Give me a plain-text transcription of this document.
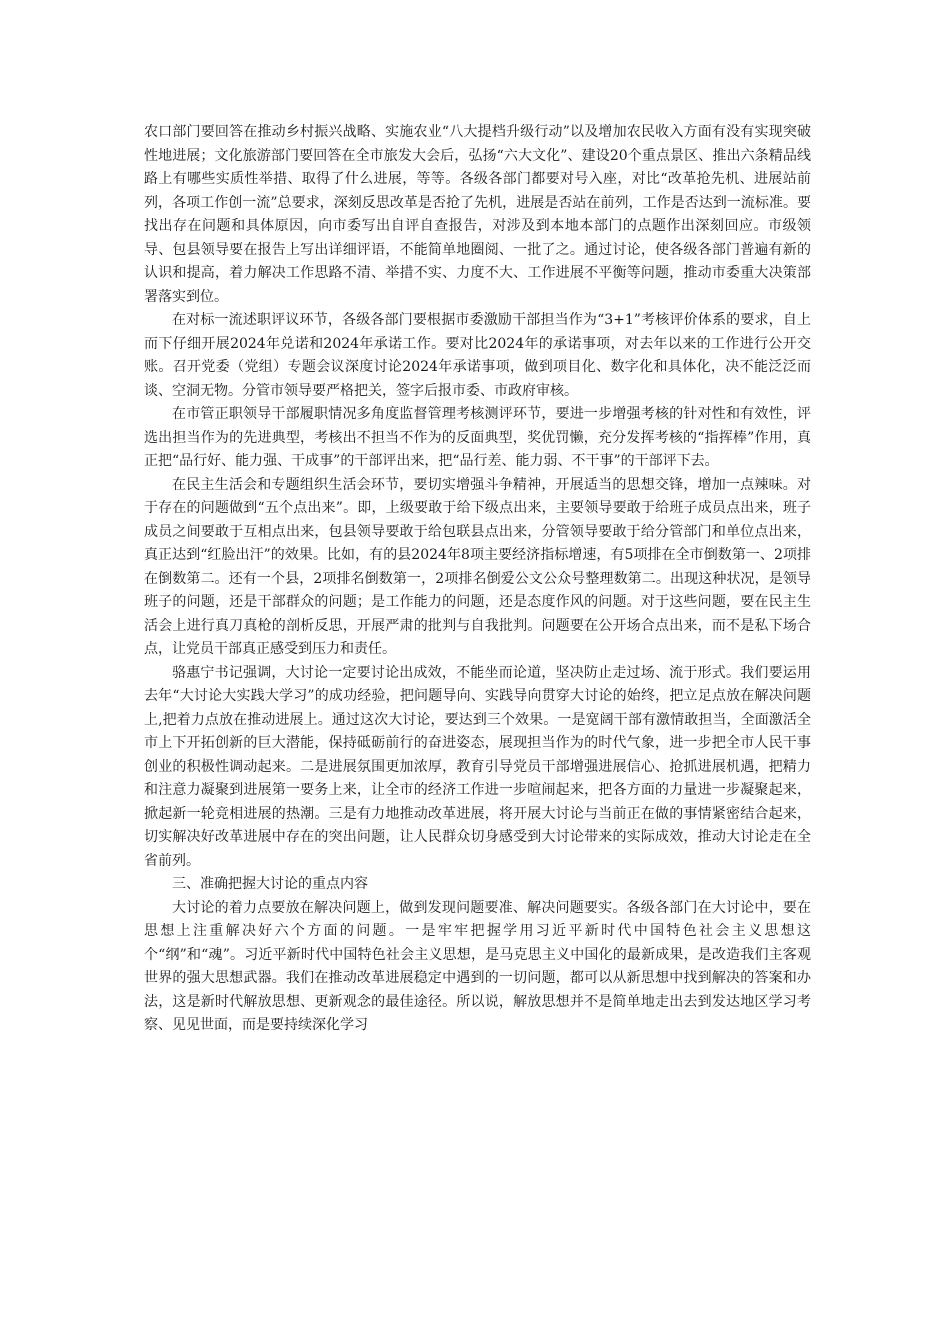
农口部门要回答在推动乡村振兴战略、实施农业“八大提档升级行动”以及增加农民收入方面有没有实现突破性地进展；文化旅游部门要回答在全市旅发大会后，弘扬“六大文化”、建设20个重点景区、推出六条精品线路上有哪些实质性举措、取得了什么进展，等等。各级各部门都要对号入座，对比“改革抢先机、进展站前列，各项工作创一流”总要求，深刻反思改革是否抢了先机，进展是否站在前列，工作是否达到一流标准。要找出存在问题和具体原因，向市委写出自评自查报告，对涉及到本地本部门的点题作出深刻回应。市级领导、包县领导要在报告上写出详细评语，不能简单地圈阅、一批了之。通过讨论，使各级各部门普遍有新的认识和提高，着力解决工作思路不清、举措不实、力度不大、工作进展不平衡等问题，推动市委重大决策部署落实到位。

在对标一流述职评议环节，各级各部门要根据市委激励干部担当作为“3+1”考核评价体系的要求，自上而下仔细开展2024年兑诺和2024年承诺工作。要对比2024年的承诺事项，对去年以来的工作进行公开交账。召开党委（党组）专题会议深度讨论2024年承诺事项，做到项目化、数字化和具体化，决不能泛泛而谈、空洞无物。分管市领导要严格把关，签字后报市委、市政府审核。

在市管正职领导干部履职情况多角度监督管理考核测评环节，要进一步增强考核的针对性和有效性，评选出担当作为的先进典型，考核出不担当不作为的反面典型，奖优罚懒，充分发挥考核的“指挥棒”作用，真正把“品行好、能力强、干成事”的干部评出来，把“品行差、能力弱、不干事”的干部评下去。

在民主生活会和专题组织生活会环节，要切实增强斗争精神，开展适当的思想交锋，增加一点辣味。对于存在的问题做到“五个点出来”。即，上级要敢于给下级点出来，主要领导要敢于给班子成员点出来，班子成员之间要敢于互相点出来，包县领导要敢于给包联县点出来，分管领导要敢于给分管部门和单位点出来，真正达到“红脸出汗”的效果。比如，有的县2024年8项主要经济指标增速，有5项排在全市倒数第一、2项排在倒数第二。还有一个县，2项排名倒数第一，2项排名倒爱公文公众号整理数第二。出现这种状况，是领导班子的问题，还是干部群众的问题；是工作能力的问题，还是态度作风的问题。对于这些问题，要在民主生活会上进行真刀真枪的剖析反思，开展严肃的批判与自我批判。问题要在公开场合点出来，而不是私下场合点，让党员干部真正感受到压力和责任。

骆惠宁书记强调，大讨论一定要讨论出成效，不能坐而论道，坚决防止走过场、流于形式。我们要运用去年“大讨论大实践大学习”的成功经验，把问题导向、实践导向贯穿大讨论的始终，把立足点放在解决问题上,把着力点放在推动进展上。通过这次大讨论，要达到三个效果。一是宽阔干部有激情敢担当，全面激活全市上下开拓创新的巨大潜能，保持砥砺前行的奋进姿态，展现担当作为的时代气象，进一步把全市人民干事创业的积极性调动起来。二是进展氛围更加浓厚，教育引导党员干部增强进展信心、抢抓进展机遇，把精力和注意力凝聚到进展第一要务上来，让全市的经济工作进一步喧闹起来，把各方面的力量进一步凝聚起来，掀起新一轮竞相进展的热潮。三是有力地推动改革进展，将开展大讨论与当前正在做的事情紧密结合起来，切实解决好改革进展中存在的突出问题，让人民群众切身感受到大讨论带来的实际成效，推动大讨论走在全省前列。

三、准确把握大讨论的重点内容

大讨论的着力点要放在解决问题上，做到发现问题要准、解决问题要实。各级各部门在大讨论中，要在思想上注重解决好六个方面的问题。一是牢牢把握学用习近平新时代中国特色社会主义思想这个“纲”和“魂”。习近平新时代中国特色社会主义思想，是马克思主义中国化的最新成果，是改造我们主客观世界的强大思想武器。我们在推动改革进展稳定中遇到的一切问题，都可以从新思想中找到解决的答案和办法，这是新时代解放思想、更新观念的最佳途径。所以说，解放思想并不是简单地走出去到发达地区学习考察、见见世面，而是要持续深化学习
